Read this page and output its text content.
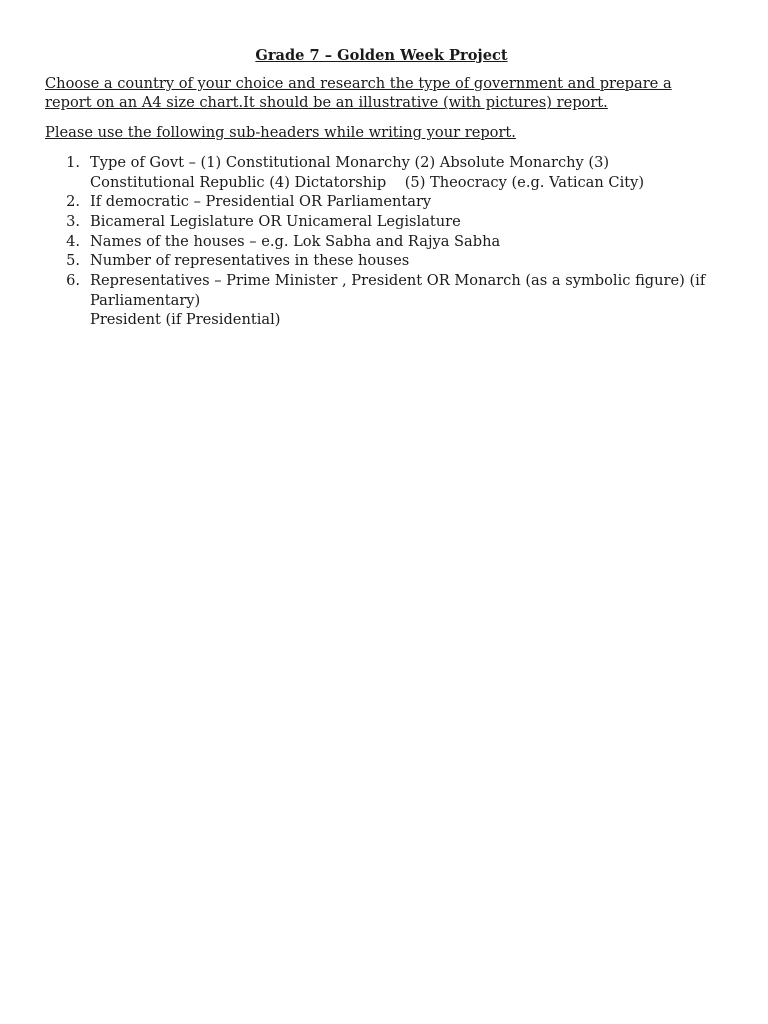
Grade 7 – Golden Week Project
Choose a country of your choice and research the type of government and prepare a report on an A4 size chart.It should be an illustrative (with pictures) report.
Please use the following sub-headers while writing your report.
1. Type of Govt – (1) Constitutional Monarchy (2) Absolute Monarchy (3) Constitutional Republic (4) Dictatorship    (5) Theocracy (e.g. Vatican City)
2. If democratic – Presidential OR Parliamentary
3. Bicameral Legislature OR Unicameral Legislature
4. Names of the houses – e.g. Lok Sabha and Rajya Sabha
5. Number of representatives in these houses
6. Representatives – Prime Minister , President OR Monarch (as a symbolic figure) (if Parliamentary)
President (if Presidential)
